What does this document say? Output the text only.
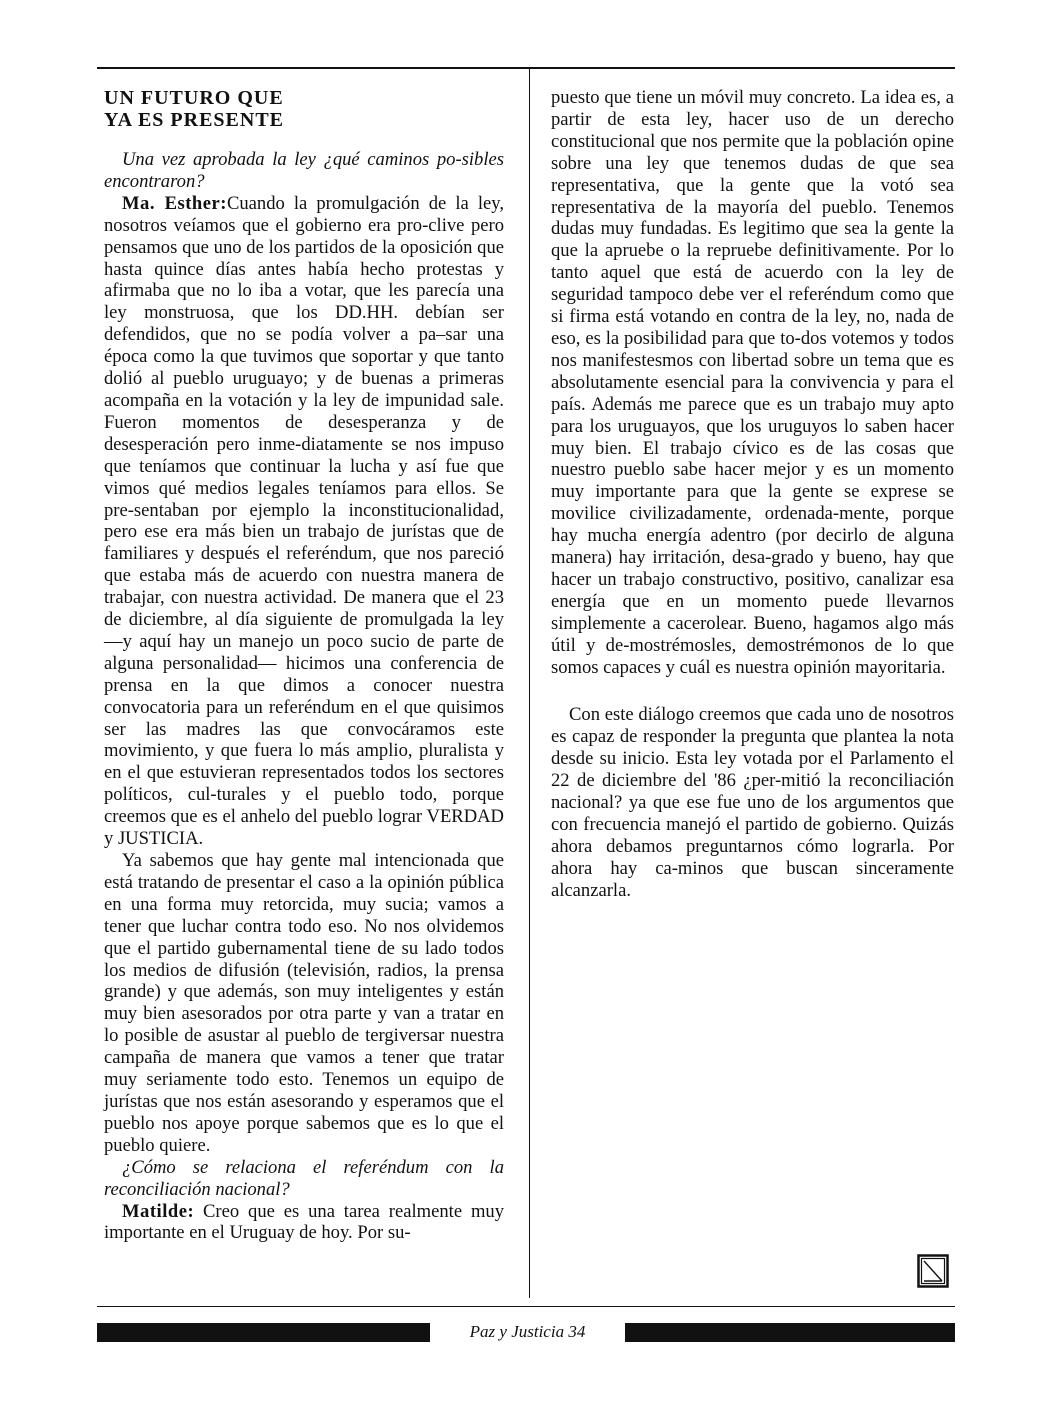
UN FUTURO QUE
YA ES PRESENTE

Una vez aprobada la ley ¿qué caminos po-sibles encontraron?

Ma. Esther:Cuando la promulgación de la ley, nosotros veíamos que el gobierno era pro-clive pero pensamos que uno de los partidos de la oposición que hasta quince días antes había hecho protestas y afirmaba que no lo iba a votar, que les parecía una ley monstruosa, que los DD.HH. debían ser defendidos, que no se podía volver a pa–sar una época como la que tuvimos que soportar y que tanto dolió al pueblo uruguayo; y de buenas a primeras acompaña en la votación y la ley de impunidad sale. Fueron momentos de desesperanza y de desesperación pero inme-diatamente se nos impuso que teníamos que continuar la lucha y así fue que vimos qué medios legales teníamos para ellos. Se pre-sentaban por ejemplo la inconstitucionalidad, pero ese era más bien un trabajo de jurístas que de familiares y después el referéndum, que nos pareció que estaba más de acuerdo con nuestra manera de trabajar, con nuestra actividad. De manera que el 23 de diciembre, al día siguiente de promulgada la ley —y aquí hay un manejo un poco sucio de parte de alguna personalidad— hicimos una conferencia de prensa en la que dimos a conocer nuestra convocatoria para un referéndum en el que quisimos ser las madres las que convocáramos este movimiento, y que fuera lo más amplio, pluralista y en el que estuvieran representados todos los sectores políticos, cul-turales y el pueblo todo, porque creemos que es el anhelo del pueblo lograr VERDAD y JUSTICIA.

Ya sabemos que hay gente mal intencionada que está tratando de presentar el caso a la opinión pública en una forma muy retorcida, muy sucia; vamos a tener que luchar contra todo eso. No nos olvidemos que el partido gubernamental tiene de su lado todos los medios de difusión (televisión, radios, la prensa grande) y que además, son muy inteligentes y están muy bien asesorados por otra parte y van a tratar en lo posible de asustar al pueblo de tergiversar nuestra campaña de manera que vamos a tener que tratar muy seriamente todo esto. Tenemos un equipo de jurístas que nos están asesorando y esperamos que el pueblo nos apoye porque sabemos que es lo que el pueblo quiere.

¿Cómo se relaciona el referéndum con la reconciliación nacional?

Matilde: Creo que es una tarea realmente muy importante en el Uruguay de hoy. Por su-

puesto que tiene un móvil muy concreto. La idea es, a partir de esta ley, hacer uso de un derecho constitucional que nos permite que la población opine sobre una ley que tenemos dudas de que sea representativa, que la gente que la votó sea representativa de la mayoría del pueblo. Tenemos dudas muy fundadas. Es legitimo que sea la gente la que la apruebe o la repruebe definitivamente. Por lo tanto aquel que está de acuerdo con la ley de seguridad tampoco debe ver el referéndum como que si firma está votando en contra de la ley, no, nada de eso, es la posibilidad para que to-dos votemos y todos nos manifestesmos con libertad sobre un tema que es absolutamente esencial para la convivencia y para el país. Además me parece que es un trabajo muy apto para los uruguayos, que los uruguyos lo saben hacer muy bien. El trabajo cívico es de las cosas que nuestro pueblo sabe hacer mejor y es un momento muy importante para que la gente se exprese se movilice civilizadamente, ordenada-mente, porque hay mucha energía adentro (por decirlo de alguna manera) hay irritación, desa-grado y bueno, hay que hacer un trabajo constructivo, positivo, canalizar esa energía que en un momento puede llevarnos simplemente a cacerolear. Bueno, hagamos algo más útil y de-mostrémosles, demostrémonos de lo que somos capaces y cuál es nuestra opinión mayoritaria.

Con este diálogo creemos que cada uno de nosotros es capaz de responder la pregunta que plantea la nota desde su inicio. Esta ley votada por el Parlamento el 22 de diciembre del '86 ¿per-mitió la reconciliación nacional? ya que ese fue uno de los argumentos que con frecuencia manejó el partido de gobierno. Quizás ahora debamos preguntarnos cómo lograrla. Por ahora hay ca-minos que buscan sinceramente alcanzarla.

Paz y Justicia 34
